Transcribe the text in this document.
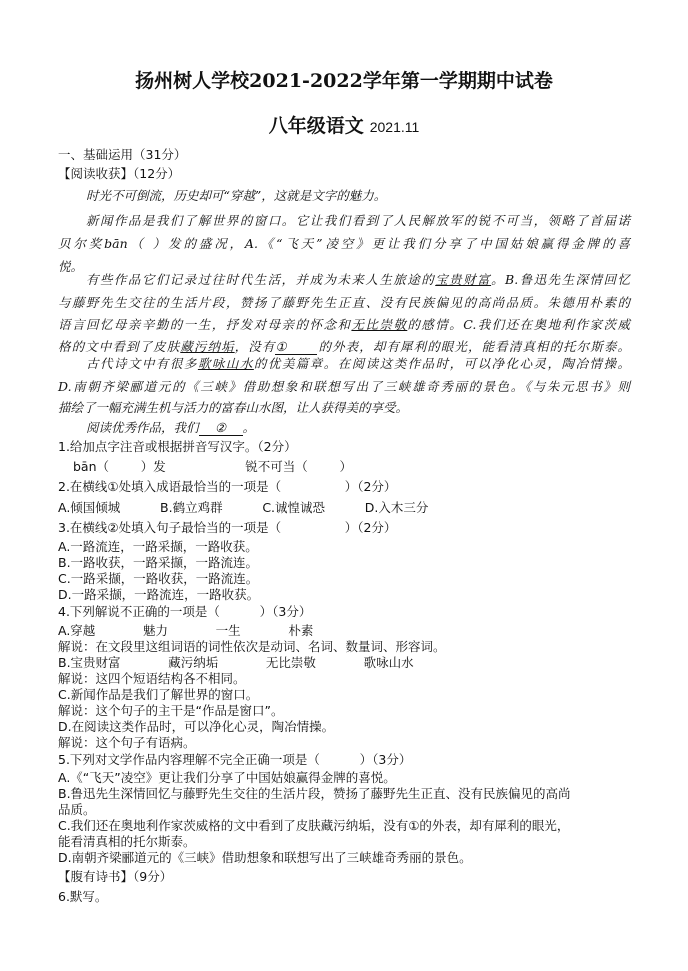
扬州树人学校2021-2022学年第一学期期中试卷
八年级语文 2021.11
一、基础运用（31分）
【阅读收获】（12分）
时光不可倒流，历史却可“穿越”，这就是文字的魅力。
新闻作品是我们了解世界的窗口。它让我们看到了人民解放军的锐不可当，领略了首届诺
贝尔奖bān（ ）发的盛况，A.《“飞天”凌空》更让我们分享了中国姑娘赢得金牌的喜
悦。
有些作品它们记录过往时代生活，并成为未来人生旅途的宝贵财富。B.鲁迅先生深情回忆
与藤野先生交往的生活片段，赞扬了藤野先生正直、没有民族偏见的高尚品质。朱德用朴素的
语言回忆母亲辛勤的一生，抒发对母亲的怀念和无比崇敬的感情。C.我们还在奥地利作家茨威
格的文中看到了皮肤藏污纳垢，没有① 的外表，却有犀利的眼光，能看清真相的托尔斯泰。
古代诗文中有很多歌咏山水的优美篇章。在阅读这类作品时，可以净化心灵，陶冶情操。
D.南朝齐梁郦道元的《三峡》借助想象和联想写出了三峡雄奇秀丽的景色。《与朱元思书》则
描绘了一幅充满生机与活力的富春山水图，让人获得美的享受。
阅读优秀作品，我们 ② 。
1.给加点字注音或根据拼音写汉字。（2分）
bān（        ）发                    锐不可当（        ）
2.在横线①处填入成语最恰当的一项是（                ）（2分）
A.倾国倾城          B.鹤立鸡群          C.诚惶诚恐          D.入木三分
3.在横线②处填入句子最恰当的一项是（                ）（2分）
A.一路流连，一路采撷，一路收获。
B.一路收获，一路采撷，一路流连。
C.一路采撷，一路收获，一路流连。
D.一路采撷，一路流连，一路收获。
4.下列解说不正确的一项是（          ）（3分）
A.穿越            魅力            一生            朴素
解说：在文段里这组词语的词性依次是动词、名词、数量词、形容词。
B.宝贵财富            藏污纳垢            无比崇敬            歌咏山水
解说：这四个短语结构各不相同。
C.新闻作品是我们了解世界的窗口。
解说：这个句子的主干是“作品是窗口”。
D.在阅读这类作品时，可以净化心灵，陶冶情操。
解说：这个句子有语病。
5.下列对文学作品内容理解不完全正确一项是（          ）（3分）
A.《“飞天”凌空》更让我们分享了中国姑娘赢得金牌的喜悦。
B.鲁迅先生深情回忆与藤野先生交往的生活片段，赞扬了藤野先生正直、没有民族偏见的高尚
品质。
C.我们还在奥地利作家茨威格的文中看到了皮肤藏污纳垢，没有①的外表，却有犀利的眼光，
能看清真相的托尔斯泰。
D.南朝齐梁郦道元的《三峡》借助想象和联想写出了三峡雄奇秀丽的景色。
【腹有诗书】（9分）
6.默写。
